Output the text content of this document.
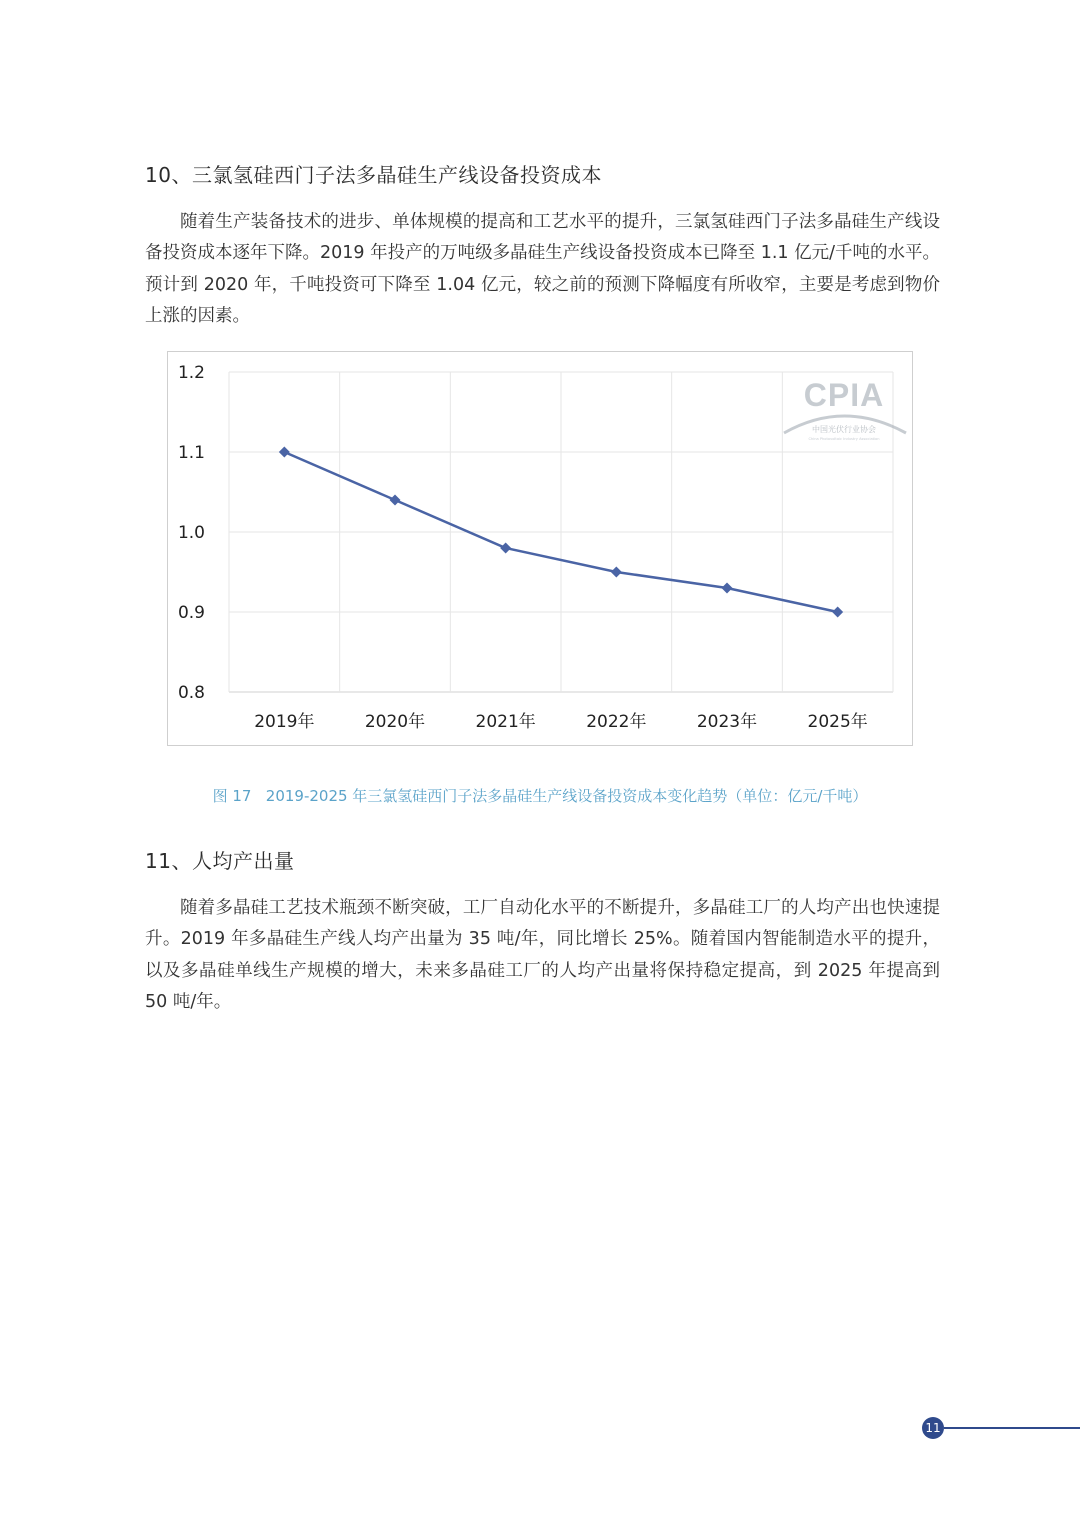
10、三氯氢硅西门子法多晶硅生产线设备投资成本

随着生产装备技术的进步、单体规模的提高和工艺水平的提升，三氯氢硅西门子法多晶硅生产线设备投资成本逐年下降。2019 年投产的万吨级多晶硅生产线设备投资成本已降至 1.1 亿元/千吨的水平。预计到 2020 年，千吨投资可下降至 1.04 亿元，较之前的预测下降幅度有所收窄，主要是考虑到物价上涨的因素。

0.8
0.9
1.0
1.1
1.2
2019年	2020年	2021年	2022年	2023年	2025年
CPIA
中国光伏行业协会
China Photovoltaic Industry Association

图 17 2019-2025 年三氯氢硅西门子法多晶硅生产线设备投资成本变化趋势（单位：亿元/千吨）

11、人均产出量

随着多晶硅工艺技术瓶颈不断突破，工厂自动化水平的不断提升，多晶硅工厂的人均产出也快速提升。2019 年多晶硅生产线人均产出量为 35 吨/年，同比增长 25%。随着国内智能制造水平的提升，以及多晶硅单线生产规模的增大，未来多晶硅工厂的人均产出量将保持稳定提高，到 2025 年提高到 50 吨/年。

11
